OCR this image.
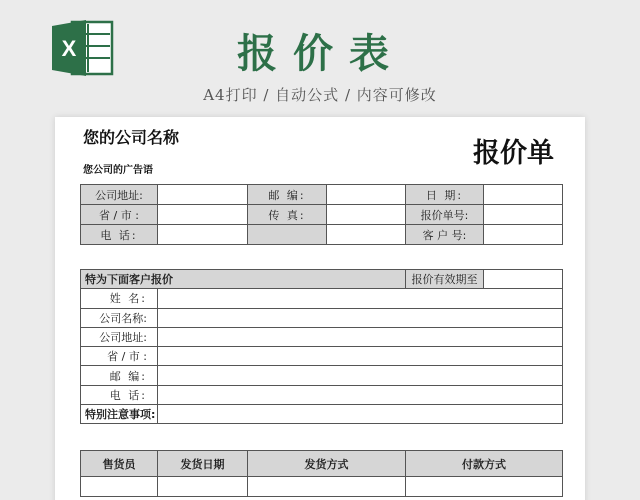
X	报价表
A4打印 / 自动公式 / 内容可修改
您的公司名称
您公司的广告语
报价单
公司地址:		邮 编:		日 期:	
省 / 市 :		传 真:		报价单号:	
电 话:				客 户 号:	
特为下面客户报价		报价有效期至	
姓 名:			
公司名称:			
公司地址:			
省 / 市 :			
邮 编:			
电 话:			
特别注意事项:			
售货员	发货日期	发货方式	付款方式
